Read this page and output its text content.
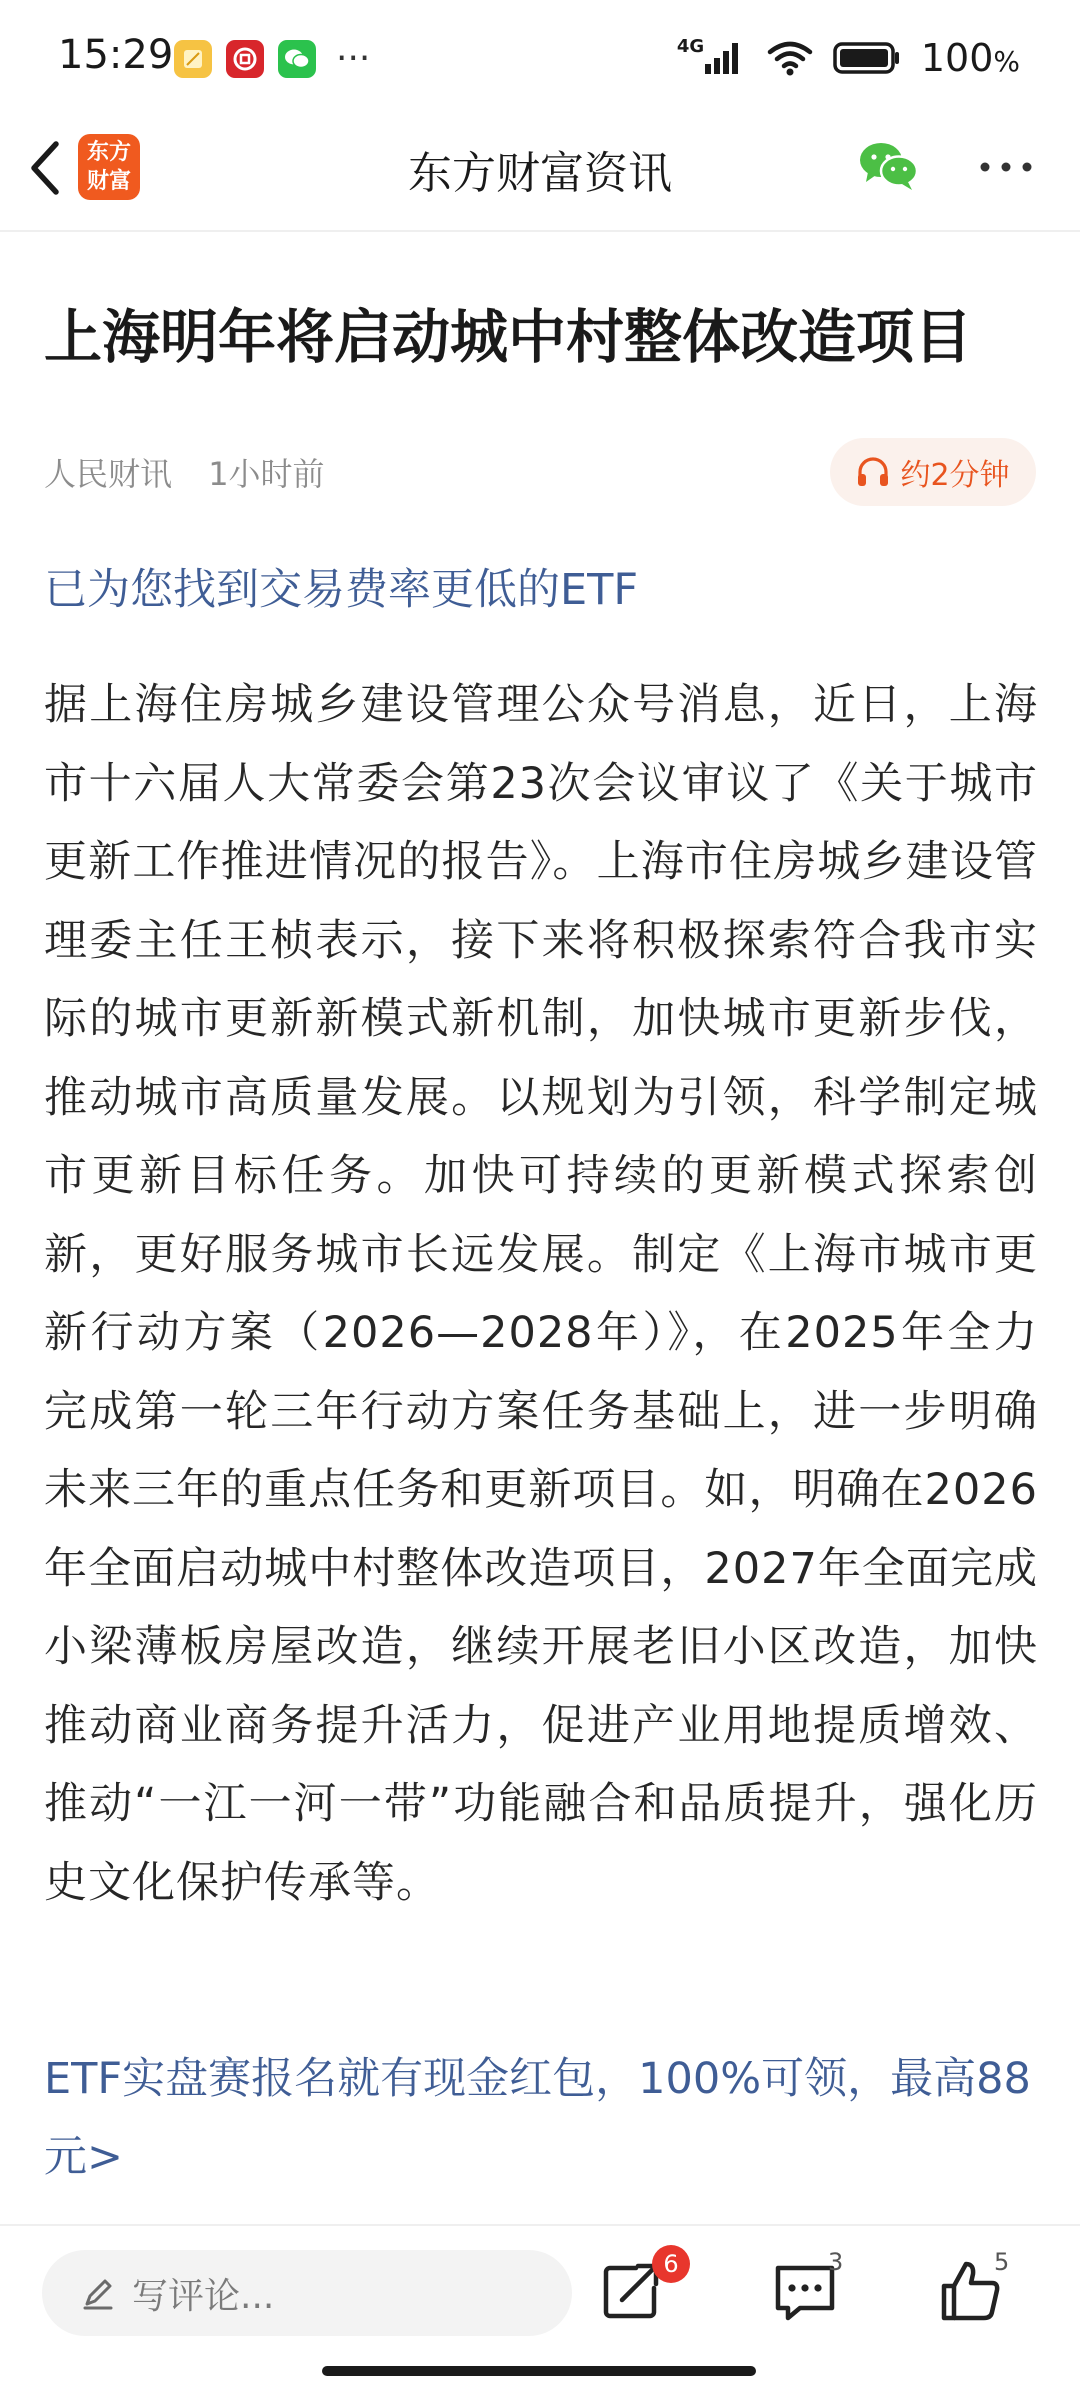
15:29	···	4G	100%
东方
财富	东方财富资讯
上海明年将启动城中村整体改造项目
人民财讯 1小时前	约2分钟
已为您找到交易费率更低的ETF
据上海住房城乡建设管理公众号消息，近日，上海市十六届人大常委会第23次会议审议了《关于城市更新工作推进情况的报告》。上海市住房城乡建设管理委主任王桢表示，接下来将积极探索符合我市实际的城市更新新模式新机制，加快城市更新步伐，推动城市高质量发展。以规划为引领，科学制定城市更新目标任务。加快可持续的更新模式探索创新，更好服务城市长远发展。制定《上海市城市更新行动方案（2026—2028年）》，在2025年全力完成第一轮三年行动方案任务基础上，进一步明确未来三年的重点任务和更新项目。如，明确在2026年全面启动城中村整体改造项目，2027年全面完成小梁薄板房屋改造，继续开展老旧小区改造，加快推动商业商务提升活力，促进产业用地提质增效、推动“一江一河一带”功能融合和品质提升，强化历史文化保护传承等。
ETF实盘赛报名就有现金红包，100%可领，最高88元>
写评论...
6	3	5
